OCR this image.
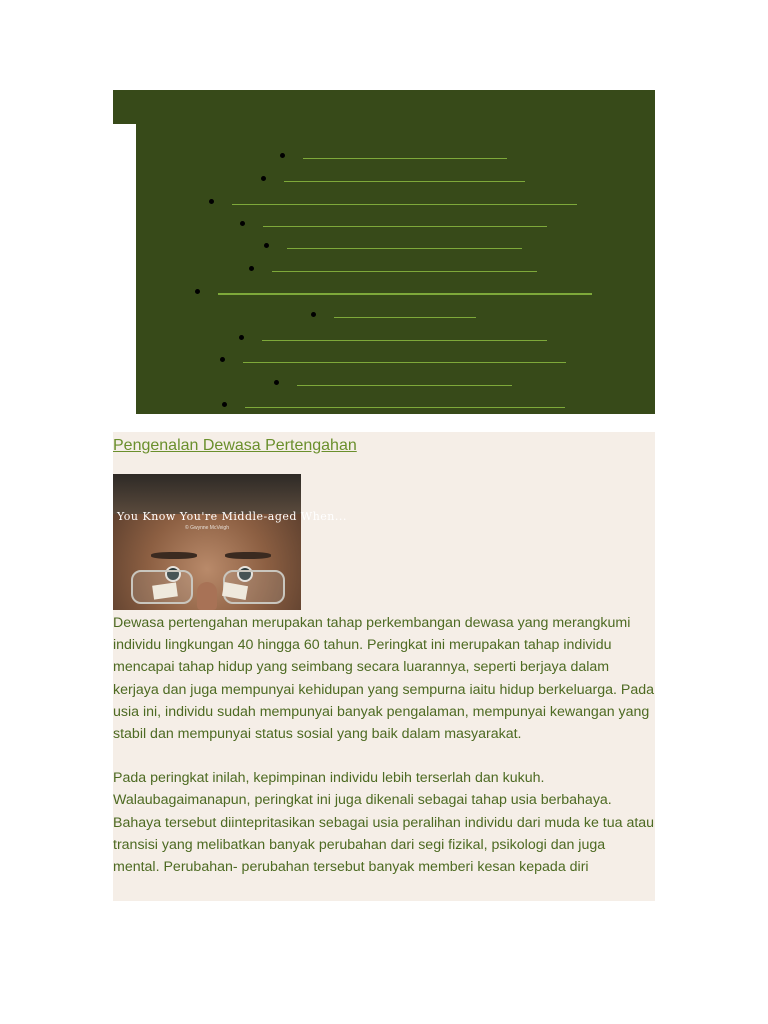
Pengenalan Dewasa Pertengahan
You Know You're Middle-aged When...
© Gwynne McVeigh

Dewasa pertengahan merupakan tahap perkembangan dewasa yang merangkumi individu lingkungan 40 hingga 60 tahun. Peringkat ini merupakan tahap individu mencapai tahap hidup yang seimbang secara luarannya, seperti berjaya dalam kerjaya dan juga mempunyai kehidupan yang sempurna iaitu hidup berkeluarga. Pada usia ini, individu sudah mempunyai banyak pengalaman, mempunyai kewangan yang stabil dan mempunyai status sosial yang baik dalam masyarakat.

Pada peringkat inilah, kepimpinan individu lebih terserlah dan kukuh. Walaubagaimanapun, peringkat ini juga dikenali sebagai tahap usia berbahaya. Bahaya tersebut diintepritasikan sebagai usia peralihan individu dari muda ke tua atau transisi yang melibatkan banyak perubahan dari segi fizikal, psikologi dan juga mental. Perubahan- perubahan tersebut banyak memberi kesan kepada diri
